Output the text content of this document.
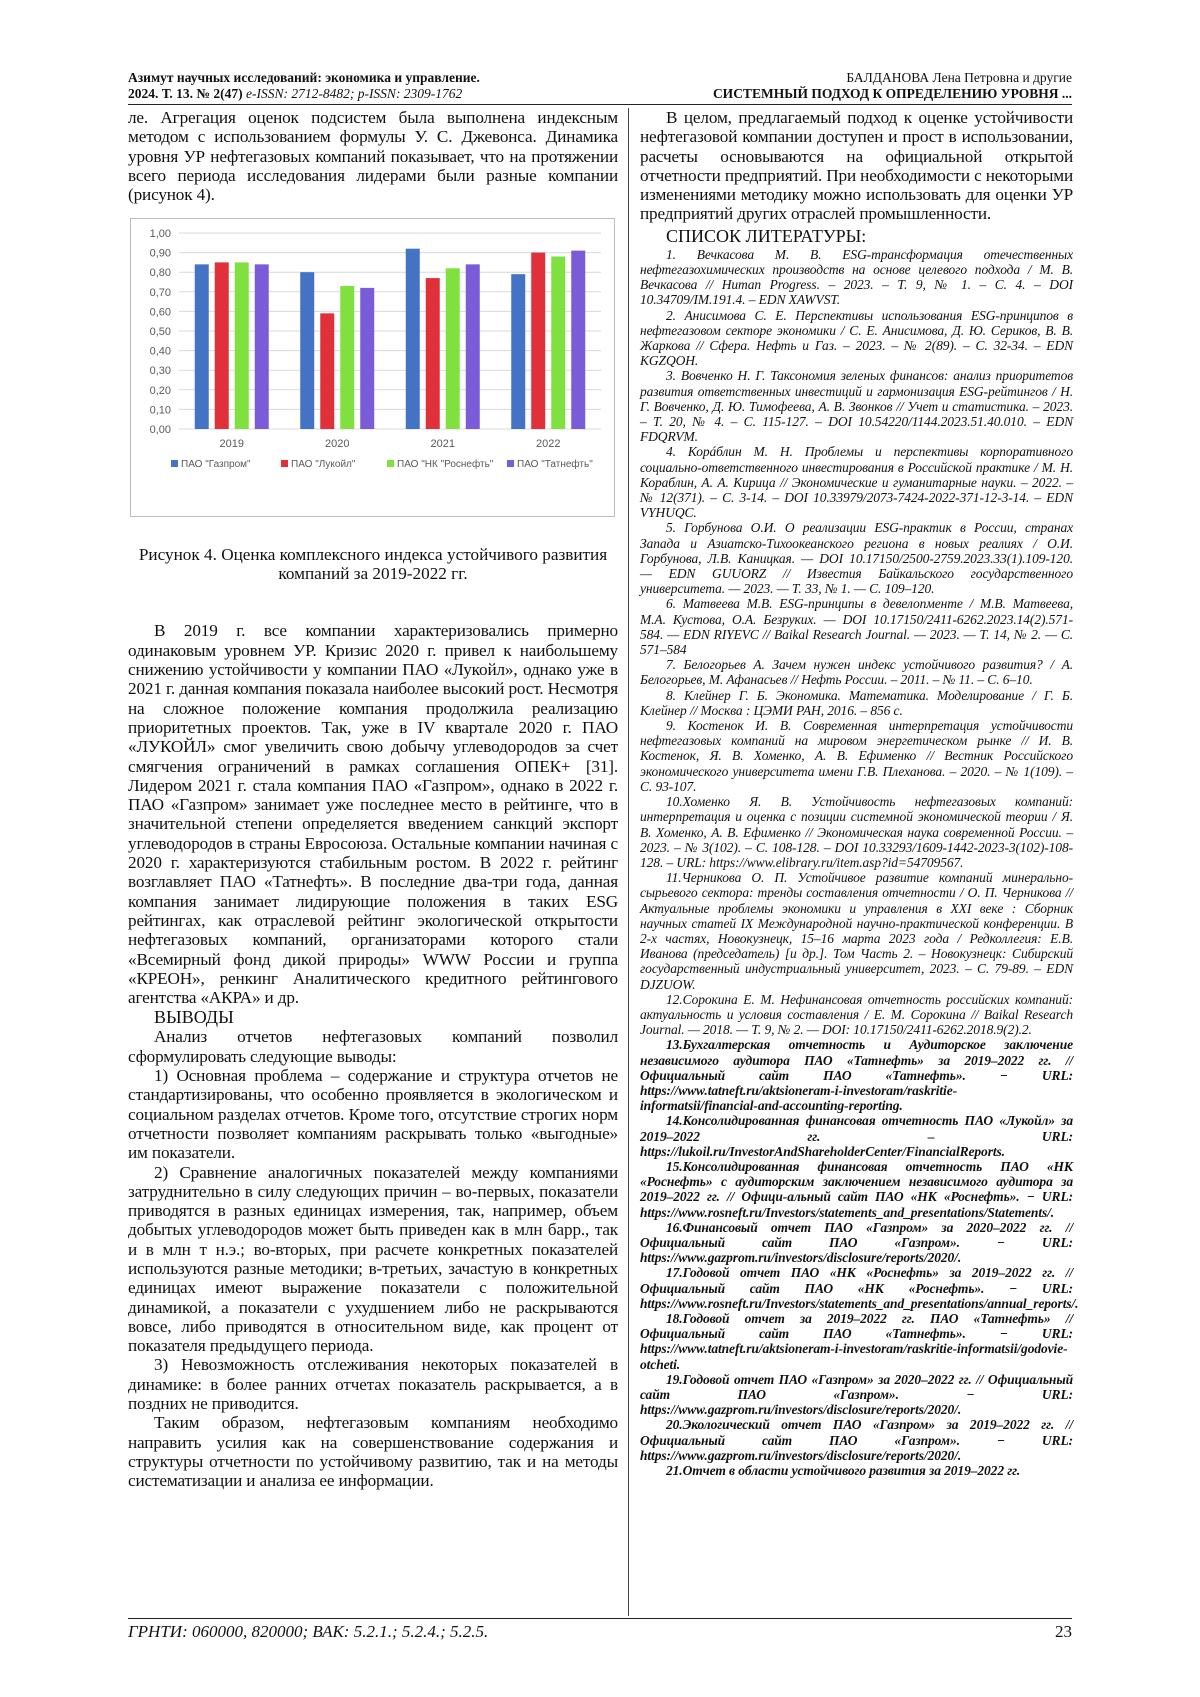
Азимут научных исследований: экономика и управление.
2024. Т. 13. № 2(47) e-ISSN: 2712-8482; p-ISSN: 2309-1762
БАЛДАНОВА Лена Петровна и другие
СИСТЕМНЫЙ ПОДХОД К ОПРЕДЕЛЕНИЮ УРОВНЯ ...

ле. Агрегация оценок подсистем была выполнена индексным методом с использованием формулы У. С. Джевонса. Динамика уровня УР нефтегазовых компаний показывает, что на протяжении всего периода исследования лидерами были разные компании (рисунок 4).

0,00
0,10
0,20
0,30
0,40
0,50
0,60
0,70
0,80
0,90
1,00
2019	2020	2021	2022
ПАО "Газпром"	ПАО "Лукойл"	ПАО "НК "Роснефть" ПАО "Татнефть"

Рисунок 4. Оценка комплексного индекса устойчивого развития компаний за 2019-2022 гг.

В 2019 г. все компании характеризовались примерно одинаковым уровнем УР. Кризис 2020 г. привел к наибольшему снижению устойчивости у компании ПАО «Лукойл», однако уже в 2021 г. данная компания показала наиболее высокий рост. Несмотря на сложное положение компания продолжила реализацию приоритетных проектов. Так, уже в IV квартале 2020 г. ПАО «ЛУКОЙЛ» смог увеличить свою добычу углеводородов за счет смягчения ограничений в рамках соглашения ОПЕК+ [31]. Лидером 2021 г. стала компания ПАО «Газпром», однако в 2022 г. ПАО «Газпром» занимает уже последнее место в рейтинге, что в значительной степени определяется введением санкций экспорт углеводородов в страны Евросоюза. Остальные компании начиная с 2020 г. характеризуются стабильным ростом. В 2022 г. рейтинг возглавляет ПАО «Татнефть». В последние два-три года, данная компания занимает лидирующие положения в таких ESG рейтингах, как отраслевой рейтинг экологической открытости нефтегазовых компаний, организаторами которого стали «Всемирный фонд дикой природы» WWW России и группа «КРЕОН», ренкинг Аналитического кредитного рейтингового агентства «АКРА» и др.

ВЫВОДЫ

Анализ отчетов нефтегазовых компаний позволил сформулировать следующие выводы:

1) Основная проблема – содержание и структура отчетов не стандартизированы, что особенно проявляется в экологическом и социальном разделах отчетов. Кроме того, отсутствие строгих норм отчетности позволяет компаниям раскрывать только «выгодные» им показатели.

2) Сравнение аналогичных показателей между компаниями затруднительно в силу следующих причин – во-первых, показатели приводятся в разных единицах измерения, так, например, объем добытых углеводородов может быть приведен как в млн барр., так и в млн т н.э.; во-вторых, при расчете конкретных показателей используются разные методики; в-третьих, зачастую в конкретных единицах имеют выражение показатели с положительной динамикой, а показатели с ухудшением либо не раскрываются вовсе, либо приводятся в относительном виде, как процент от показателя предыдущего периода.

3) Невозможность отслеживания некоторых показателей в динамике: в более ранних отчетах показатель раскрывается, а в поздних не приводится.

Таким образом, нефтегазовым компаниям необходимо направить усилия как на совершенствование содержания и структуры отчетности по устойчивому развитию, так и на методы систематизации и анализа ее информации.

В целом, предлагаемый подход к оценке устойчивости нефтегазовой компании доступен и прост в использовании, расчеты основываются на официальной открытой отчетности предприятий. При необходимости с некоторыми изменениями методику можно использовать для оценки УР предприятий других отраслей промышленности.

СПИСОК ЛИТЕРАТУРЫ:

1. Вечкасова М. В. ESG-трансформация отечественных нефтегазохимических производств на основе целевого подхода / М. В. Вечкасова // Human Progress. – 2023. – Т. 9, № 1. – С. 4. – DOI 10.34709/IM.191.4. – EDN XAWVST.

2. Анисимова С. Е. Перспективы использования ESG-принципов в нефтегазовом секторе экономики / С. Е. Анисимова, Д. Ю. Сериков, В. В. Жаркова // Сфера. Нефть и Газ. – 2023. – № 2(89). – С. 32-34. – EDN KGZQOH.

3. Вовченко Н. Г. Таксономия зеленых финансов: анализ приоритетов развития ответственных инвестиций и гармонизация ESG-рейтингов / Н. Г. Вовченко, Д. Ю. Тимофеева, А. В. Звонков // Учет и статистика. – 2023. – Т. 20, № 4. – С. 115-127. – DOI 10.54220/1144.2023.51.40.010. – EDN FDQRVM.

4. Корáблин М. Н. Проблемы и перспективы корпоративного социально-ответственного инвестирования в Российской практике / М. Н. Кораблин, А. А. Кирица // Экономические и гуманитарные науки. – 2022. – № 12(371). – С. 3-14. – DOI 10.33979/2073-7424-2022-371-12-3-14. – EDN VYHUQC.

5. Горбунова О.И. О реализации ESG-практик в России, странах Запада и Азиатско-Тихоокеанского региона в новых реалиях / О.И. Горбунова, Л.В. Каницкая. — DOI 10.17150/2500-2759.2023.33(1).109-120. — EDN GUUORZ // Известия Байкальского государственного университета. — 2023. — Т. 33, № 1. — С. 109–120.

6. Матвеева М.В. ESG-принципы в девелопменте / М.В. Матвеева, М.А. Кустова, О.А. Безруких. — DOI 10.17150/2411-6262.2023.14(2).571-584. — EDN RIYEVC // Baikal Research Journal. — 2023. — Т. 14, № 2. — С. 571–584

7. Белогорьев А. Зачем нужен индекс устойчивого развития? / А. Белогорьев, М. Афанасьев // Нефть России. – 2011. – № 11. – С. 6–10.

8. Клейнер Г. Б. Экономика. Математика. Моделирование / Г. Б. Клейнер // Москва : ЦЭМИ РАН, 2016. – 856 с.

9. Костенок И. В. Современная интерпретация устойчивости нефтегазовых компаний на мировом энергетическом рынке // И. В. Костенок, Я. В. Хоменко, А. В. Ефименко // Вестник Российского экономического университета имени Г.В. Плеханова. – 2020. – № 1(109). – С. 93-107.

10.Хоменко Я. В. Устойчивость нефтегазовых компаний: интерпретация и оценка с позиции системной экономической теории / Я. В. Хоменко, А. В. Ефименко // Экономическая наука современной России. – 2023. – № 3(102). – С. 108-128. – DOI 10.33293/1609-1442-2023-3(102)-108-128. – URL: https://www.elibrary.ru/item.asp?id=54709567.

11.Черникова О. П. Устойчивое развитие компаний минерально-сырьевого сектора: тренды составления отчетности / О. П. Черникова // Актуальные проблемы экономики и управления в XXI веке : Сборник научных статей IX Международной научно-практической конференции. В 2-х частях, Новокузнецк, 15–16 марта 2023 года / Редколлегия: Е.В. Иванова (председатель) [и др.]. Том Часть 2. – Новокузнецк: Сибирский государственный индустриальный университет, 2023. – С. 79-89. – EDN DJZUOW.

12.Сорокина Е. М. Нефинансовая отчетность российских компаний: актуальность и условия составления / Е. М. Сорокина // Baikal Research Journal. — 2018. — Т. 9, № 2. — DOI: 10.17150/2411-6262.2018.9(2).2.

13.Бухгалтерская отчетность и Аудиторское заключение независимого аудитора ПАО «Татнефть» за 2019–2022 гг. // Официальный сайт ПАО «Татнефть». − URL: https://www.tatneft.ru/aktsioneram-i-investoram/raskritie-informatsii/financial-and-accounting-reporting.

14.Консолидированная финансовая отчетность ПАО «Лукойл» за 2019–2022 гг. – URL: https://lukoil.ru/InvestorAndShareholderCenter/FinancialReports.

15.Консолидированная финансовая отчетность ПАО «НК «Роснефть» с аудиторским заключением независимого аудитора за 2019–2022 гг. // Офици-альный сайт ПАО «НК «Роснефть». − URL: https://www.rosneft.ru/Investors/statements_and_presentations/Statements/.

16.Финансовый отчет ПАО «Газпром» за 2020–2022 гг. // Официальный сайт ПАО «Газпром». − URL: https://www.gazprom.ru/investors/disclosure/reports/2020/.

17.Годовой отчет ПАО «НК «Роснефть» за 2019–2022 гг. // Официальный сайт ПАО «НК «Роснефть». − URL: https://www.rosneft.ru/Investors/statements_and_presentations/annual_reports/.

18.Годовой отчет за 2019–2022 гг. ПАО «Татнефть» // Официальный сайт ПАО «Татнефть». − URL: https://www.tatneft.ru/aktsioneram-i-investoram/raskritie-informatsii/godovie-otcheti.

19.Годовой отчет ПАО «Газпром» за 2020–2022 гг. // Официальный сайт ПАО «Газпром». − URL: https://www.gazprom.ru/investors/disclosure/reports/2020/.

20.Экологический отчет ПАО «Газпром» за 2019–2022 гг. // Официальный сайт ПАО «Газпром». − URL: https://www.gazprom.ru/investors/disclosure/reports/2020/.

21.Отчет в области устойчивого развития за 2019–2022 гг.

ГРНТИ: 060000, 820000; ВАК: 5.2.1.; 5.2.4.; 5.2.5.	23
